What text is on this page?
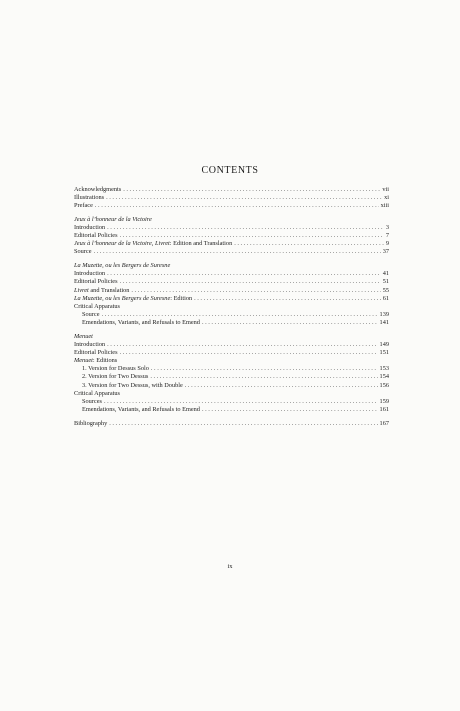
CONTENTS
Acknowledgments . . .	vii
Illustrations . . .	xi
Preface . . .	xiii
Jeux à l’honneur de la Victoire
Introduction . . .	3
Editorial Policies . . .	7
Jeux à l’honneur de la Victoire, Livret: Edition and Translation . . .	9
Source . . .	37
La Muzette, ou les Bergers de Suresne
Introduction . . .	41
Editorial Policies . . .	51
Livret and Translation . . .	55
La Muzette, ou les Bergers de Suresne: Edition . . .	61
Critical Apparatus
Source . . .	139
Emendations, Variants, and Refusals to Emend . . .	141
Menuet
Introduction . . .	149
Editorial Policies . . .	151
Menuet: Editions
1. Version for Dessus Solo . . .	153
2. Version for Two Dessus . . .	154
3. Version for Two Dessus, with Double . . .	156
Critical Apparatus
Sources . . .	159
Emendations, Variants, and Refusals to Emend . . .	161
Bibliography . . .	167
ix
